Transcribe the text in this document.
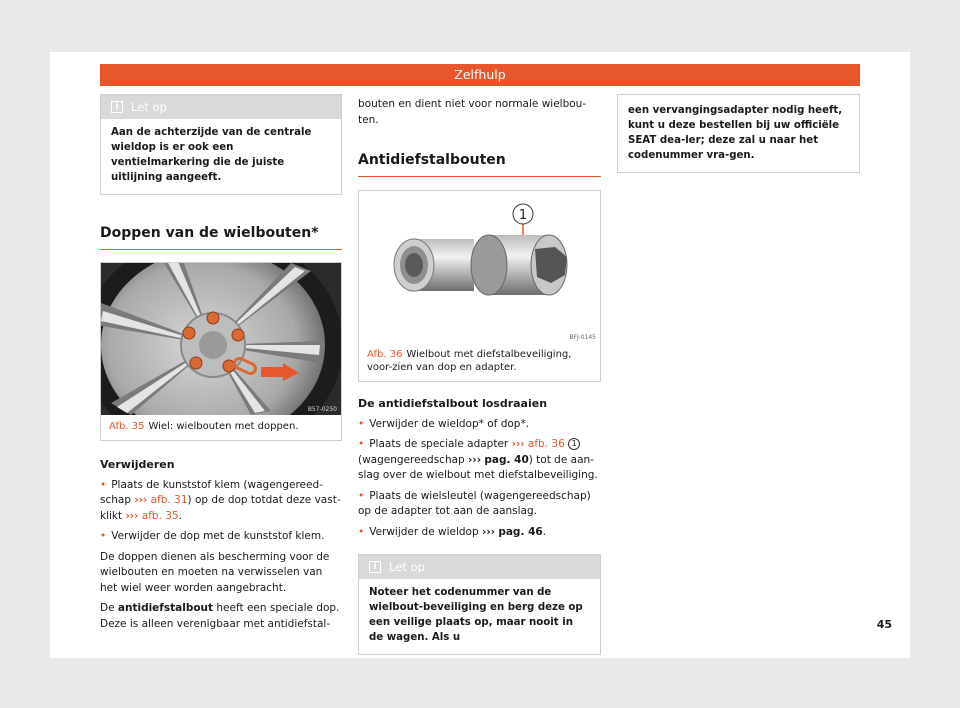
Zelfhulp
i	Let op

Aan de achterzijde van de centrale wieldop is er ook een ventielmarkering die de juiste uitlijning aangeeft.

Doppen van de wielbouten*
B57-0250
Afb. 35 Wiel: wielbouten met doppen.

Verwijderen

• Plaats de kunststof klem (wagengereed-schap ››› afb. 31) op de dop totdat deze vast-klikt ››› afb. 35.

• Verwijder de dop met de kunststof klem.

De doppen dienen als bescherming voor de wielbouten en moeten na verwisselen van het wiel weer worden aangebracht.

De antidiefstalbout heeft een speciale dop. Deze is alleen verenigbaar met antidiefstal-

bouten en dient niet voor normale wielbou-ten.

Antidiefstalbouten
1
BFJ-0145
Afb. 36 Wielbout met diefstalbeveiliging, voor-zien van dop en adapter.

De antidiefstalbout losdraaien

• Verwijder de wieldop* of dop*.

• Plaats de speciale adapter ››› afb. 36 1 (wagengereedschap ››› pag. 40) tot de aan-slag over de wielbout met diefstalbeveiliging.

• Plaats de wielsleutel (wagengereedschap) op de adapter tot aan de aanslag.

• Verwijder de wieldop ››› pag. 46.

i	Let op

Noteer het codenummer van de wielbout-beveiliging en berg deze op een veilige plaats op, maar nooit in de wagen. Als u

een vervangingsadapter nodig heeft, kunt u deze bestellen bij uw officiële SEAT dea-ler; deze zal u naar het codenummer vra-gen.

45
